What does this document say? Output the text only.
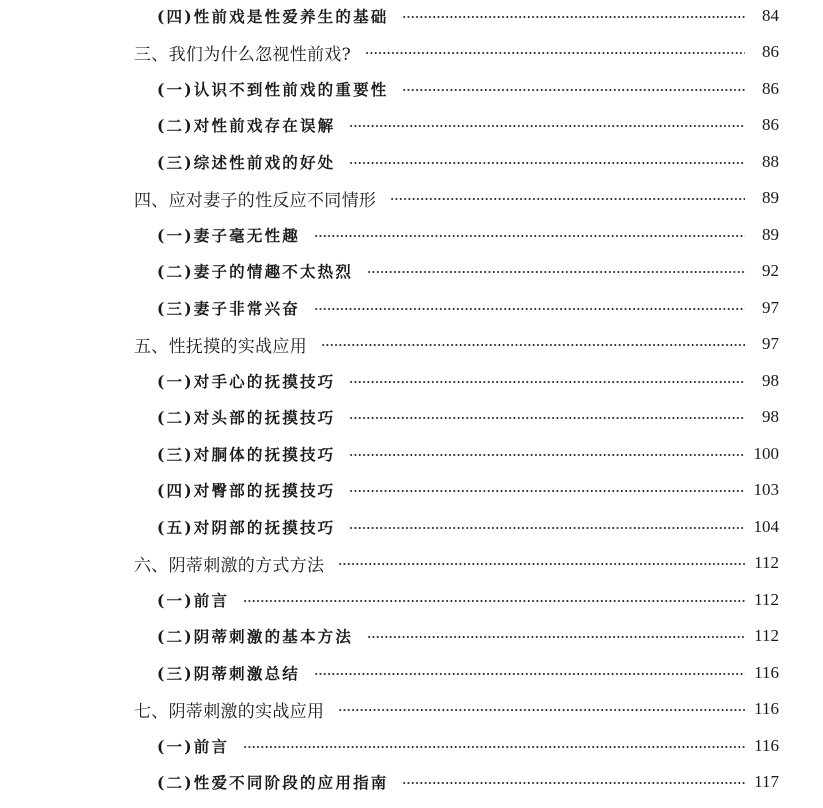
(四)性前戏是性爱养生的基础	84
三、我们为什么忽视性前戏?	86
(一)认识不到性前戏的重要性	86
(二)对性前戏存在误解	86
(三)综述性前戏的好处	88
四、应对妻子的性反应不同情形	89
(一)妻子毫无性趣	89
(二)妻子的情趣不太热烈	92
(三)妻子非常兴奋	97
五、性抚摸的实战应用	97
(一)对手心的抚摸技巧	98
(二)对头部的抚摸技巧	98
(三)对胴体的抚摸技巧	100
(四)对臀部的抚摸技巧	103
(五)对阴部的抚摸技巧	104
六、阴蒂刺激的方式方法	112
(一)前言	112
(二)阴蒂刺激的基本方法	112
(三)阴蒂刺激总结	116
七、阴蒂刺激的实战应用	116
(一)前言	116
(二)性爱不同阶段的应用指南	117
